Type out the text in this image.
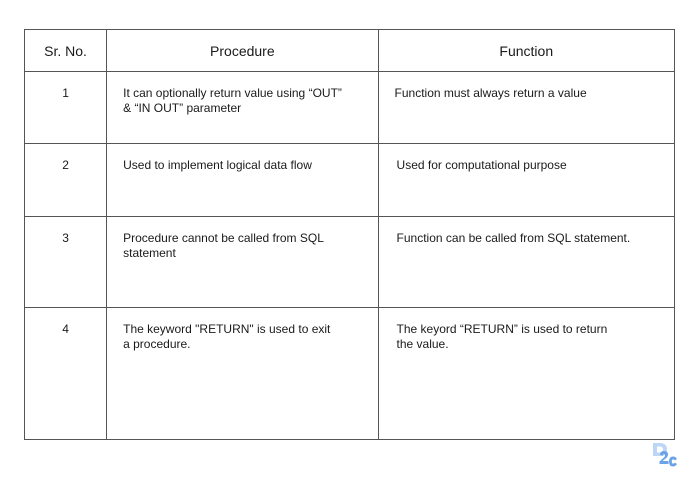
Sr. No.	Procedure	Function
1	It can optionally return value using “OUT”
& “IN OUT” parameter	Function must always return a value

2	Used to implement logical data flow	Used for computational purpose

3	Procedure cannot be called from SQL
statement	Function can be called from SQL statement.

4	The keyword "RETURN" is used to exit
a procedure.	The keyord “RETURN” is used to return
the value.
D2C
